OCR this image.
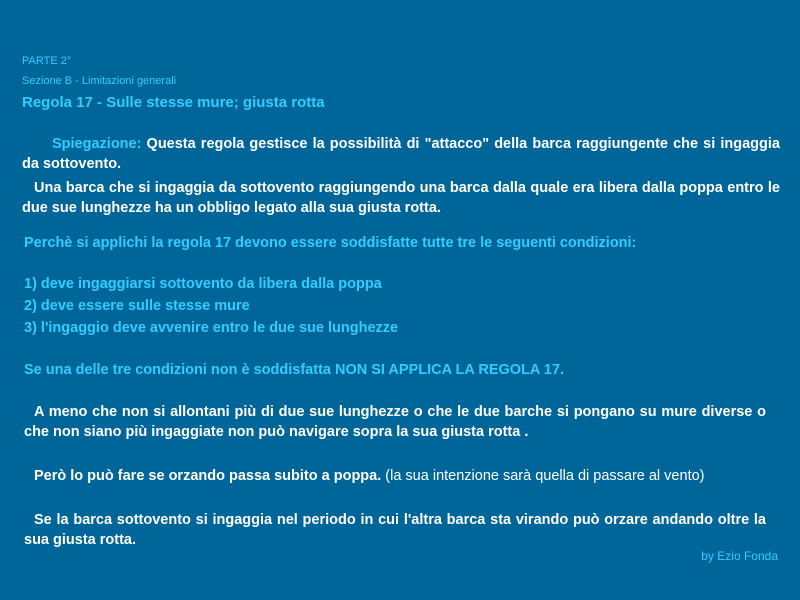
PARTE 2°
Sezione B - Limitazioni generali
Regola 17 - Sulle stesse mure; giusta rotta
Spiegazione: Questa regola gestisce la possibilità di "attacco" della barca raggiungente che si ingaggia da sottovento.
Una barca che si ingaggia da sottovento raggiungendo una barca dalla quale era libera dalla poppa entro le due sue lunghezze ha un obbligo legato alla sua giusta rotta.
Perchè si applichi la regola 17 devono essere soddisfatte tutte tre le seguenti condizioni:
1) deve ingaggiarsi sottovento da libera dalla poppa
2) deve essere sulle stesse mure
3) l'ingaggio deve avvenire entro le due sue lunghezze
Se una delle tre condizioni non è soddisfatta NON SI APPLICA LA REGOLA 17.
A meno che non si allontani più di due sue lunghezze o che le due barche si pongano su mure diverse o che non siano più ingaggiate non può navigare sopra la sua giusta rotta .
Però lo può fare se orzando passa subito a poppa. (la sua intenzione sarà quella di passare al vento)
Se la barca sottovento si ingaggia nel periodo in cui l'altra barca sta virando può orzare andando oltre la sua giusta rotta.
by Ezio Fonda
